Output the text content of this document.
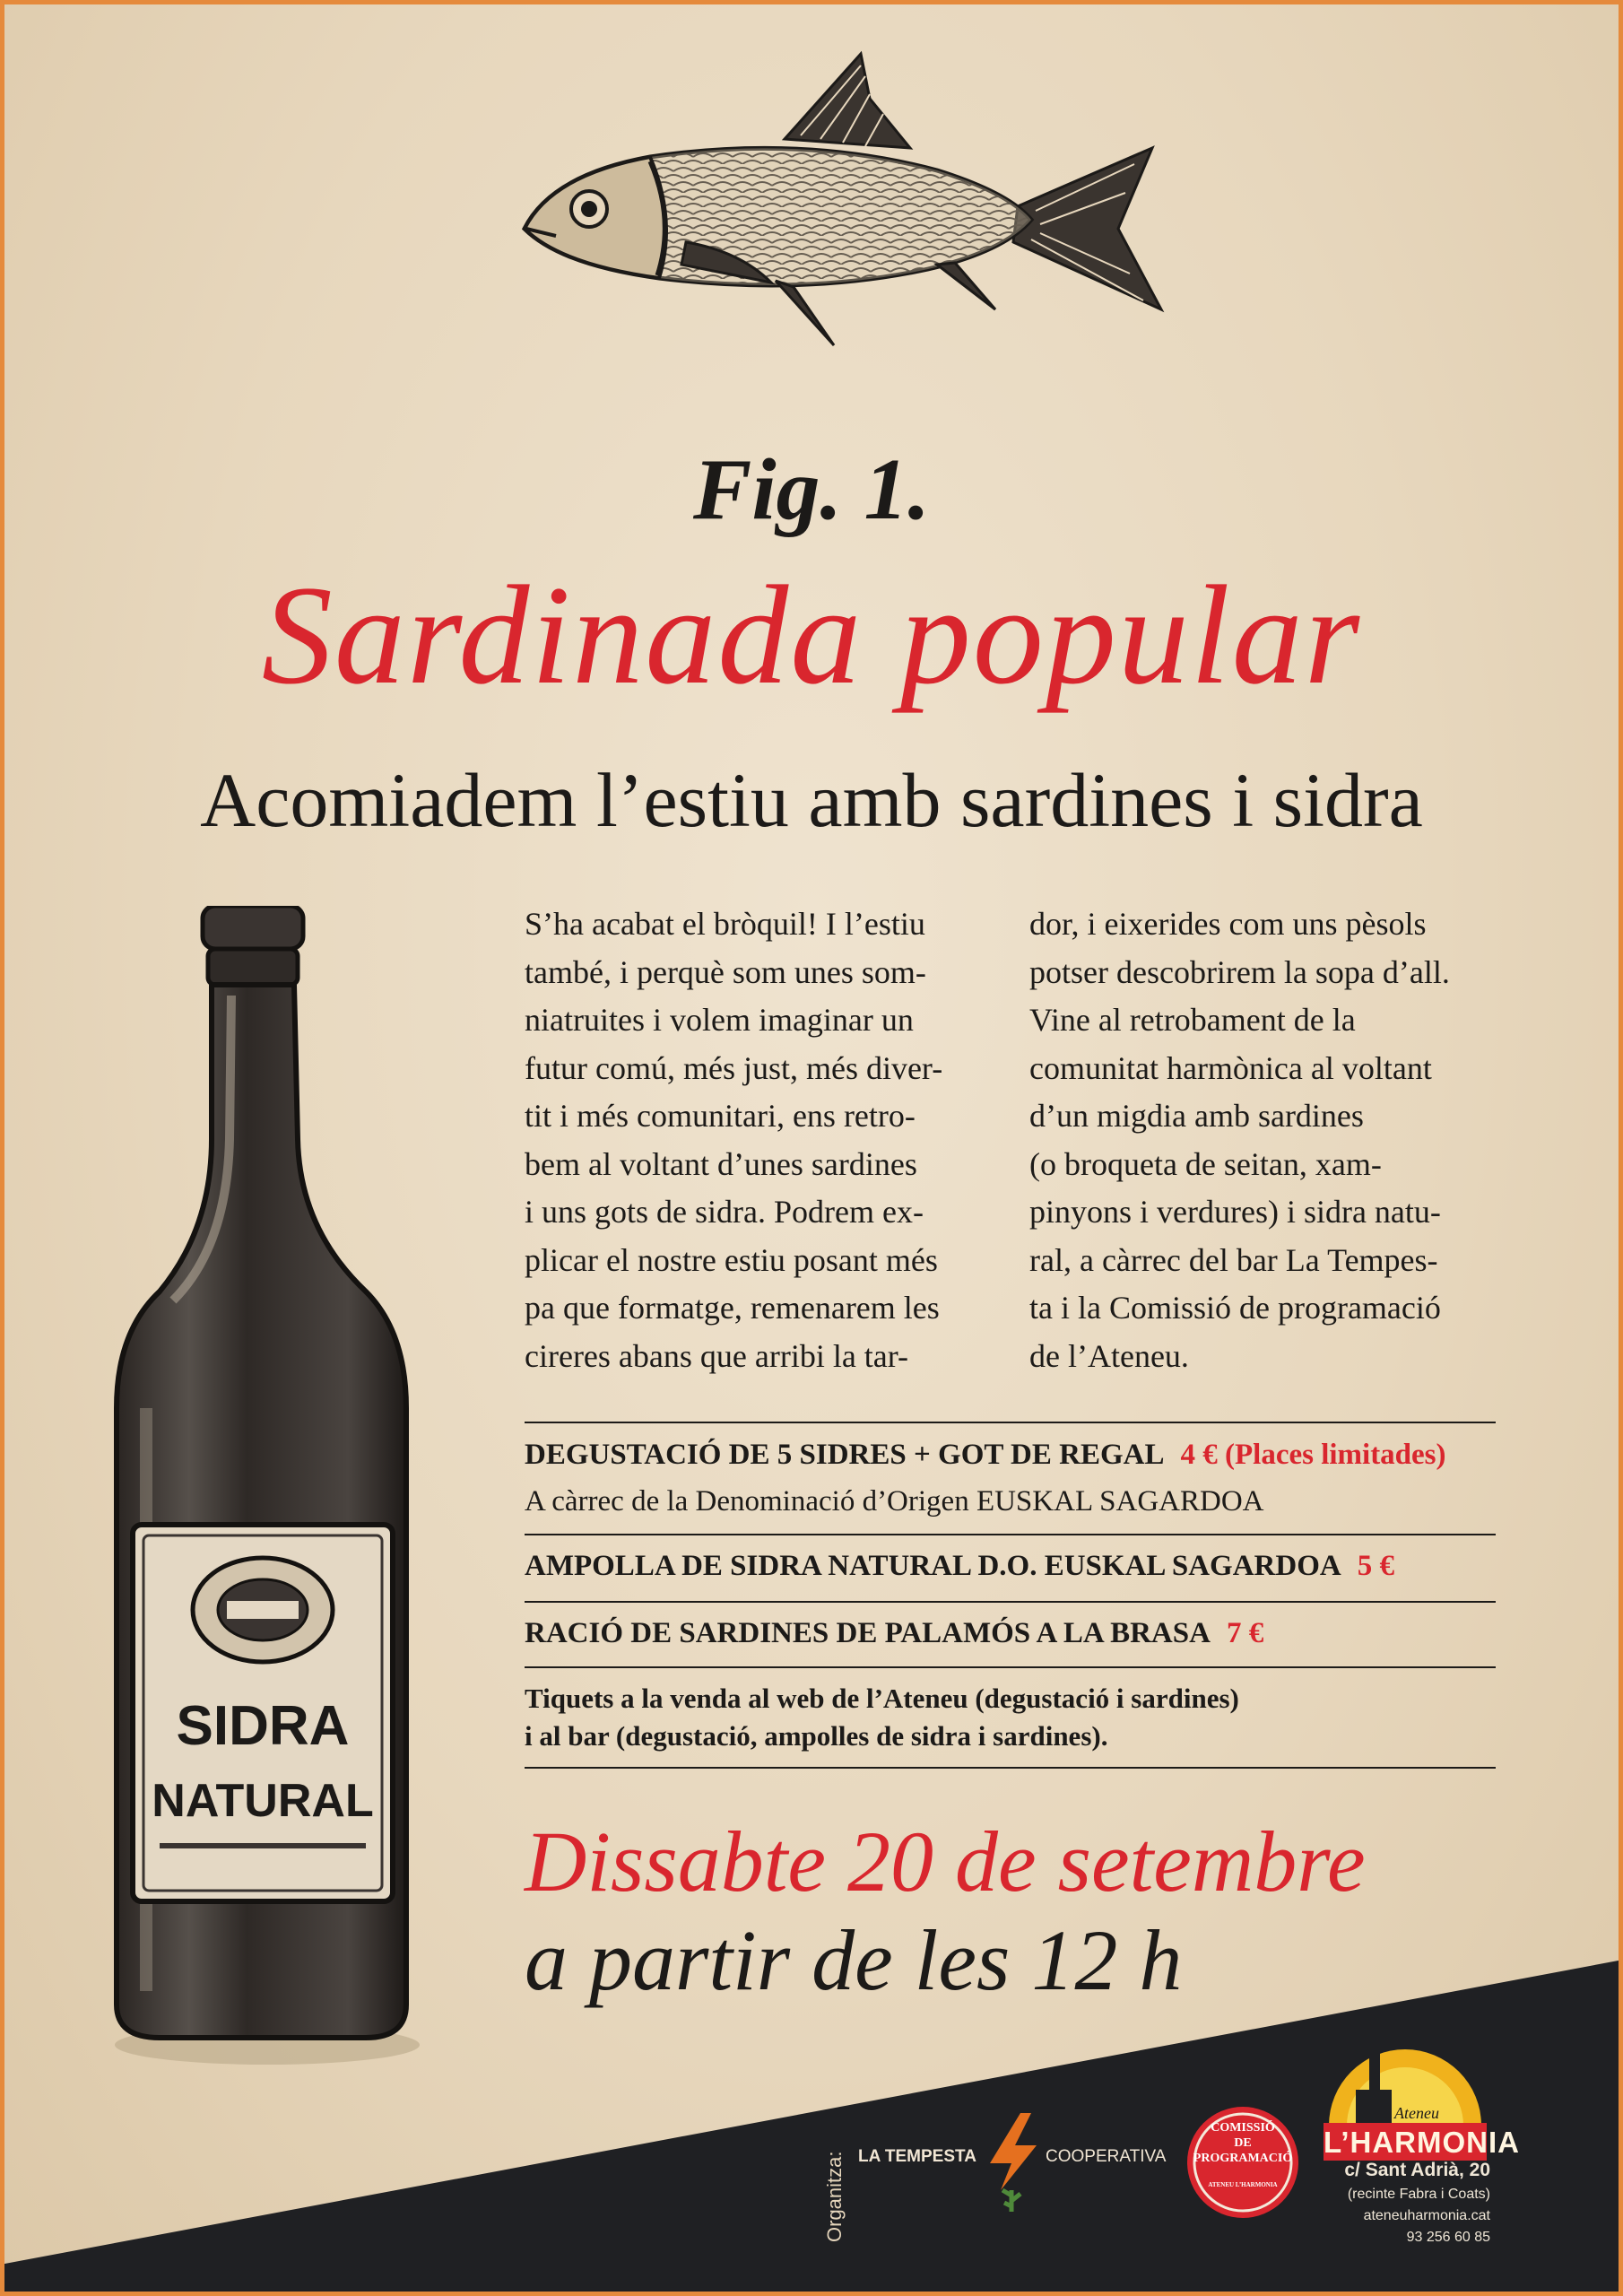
Fig. 1.
Sardinada popular
Acomiadem l’estiu amb sardines i sidra
SIDRA
NATURAL
S’ha acabat el bròquil! I l’estiu
també, i perquè som unes som-
niatruites i volem imaginar un
futur comú, més just, més diver-
tit i més comunitari, ens retro-
bem al voltant d’unes sardines
i uns gots de sidra. Podrem ex-
plicar el nostre estiu posant més
pa que formatge, remenarem les
cireres abans que arribi la tar-
dor, i eixerides com uns pèsols
potser descobrirem la sopa d’all.
Vine al retrobament de la
comunitat harmònica al voltant
d’un migdia amb sardines
(o broqueta de seitan, xam-
pinyons i verdures) i sidra natu-
ral, a càrrec del bar La Tempes-
ta i la Comissió de programació
de l’Ateneu.
DEGUSTACIÓ DE 5 SIDRES + GOT DE REGAL 4 € (Places limitades)
A càrrec de la Denominació d’Origen EUSKAL SAGARDOA
AMPOLLA DE SIDRA NATURAL D.O. EUSKAL SAGARDOA 5 €
RACIÓ DE SARDINES DE PALAMÓS A LA BRASA 7 €
Tiquets a la venda al web de l’Ateneu (degustació i sardines)
i al bar (degustació, ampolles de sidra i sardines).
Dissabte 20 de setembre
a partir de les 12 h
Organitza: LA TEMPESTA	COOPERATIVA
COMISSIÓ
DE
PROGRAMACIÓ
ATENEU L’HARMONIA
Ateneu
L’HARMONIA
c/ Sant Adrià, 20
(recinte Fabra i Coats)
ateneuharmonia.cat
93 256 60 85
